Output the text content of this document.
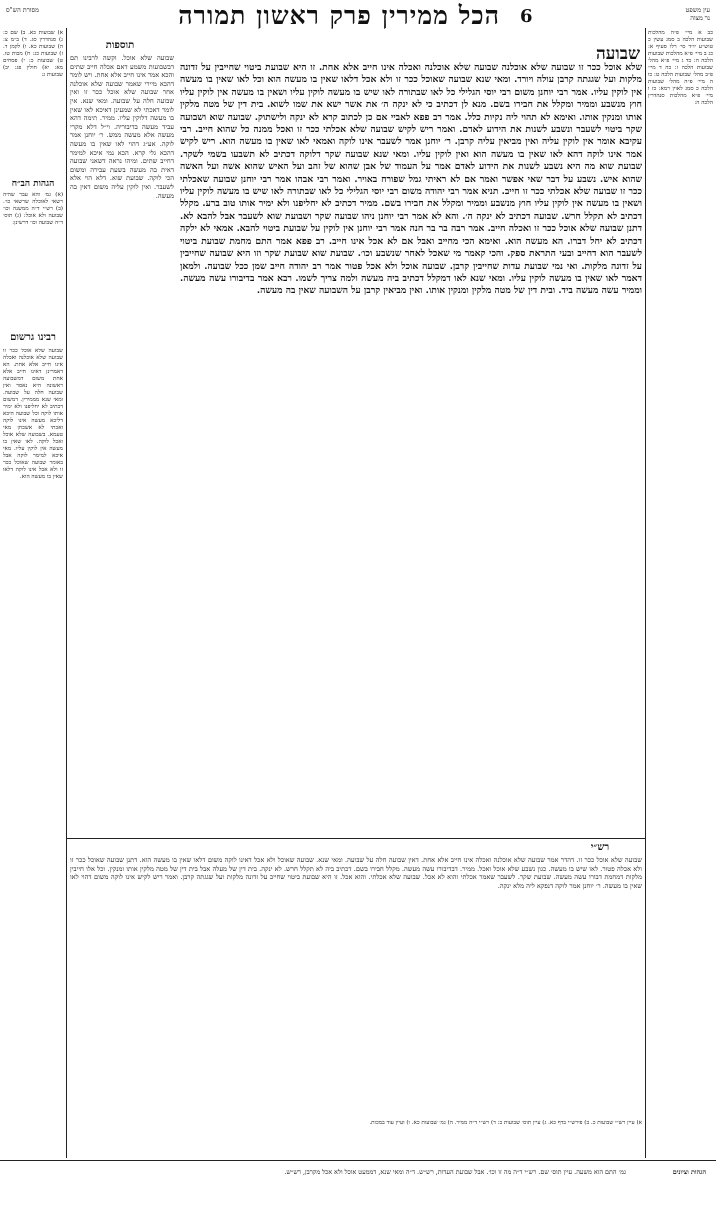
מסורת הש"ס	הכל ממירין פרק ראשון תמורה 6	עין משפט
נר מצוה
כב א מיי׳ פ״ה מהלכות שבועות הלכה ב סמג עשין כ טוש״ע יו״ד סי׳ רלו סעיף א: כג ב מיי׳ פ״א מהלכות שבועות הלכה ה: כד ג מיי׳ פ״א מהל׳ שבועות הלכה ז: כה ד מיי׳ פ״ב מהל׳ שבועות הלכה ט: כו ה מיי׳ פ״ה מהל׳ שבועות הלכה כ סמג לאוין רמא: כז ו מיי׳ פ״א מהלכות סנהדרין הלכה ה:
א) שבועות כא. ב) שם כ: ג) סנהדרין סג. ד) ב״מ צ: ה) שבועות כא. ו) לקמן ד. ז) שבועות כג: ח) מכות טז. ט) שבועות כ: י) פסחים מא: יא) חולין פג: יב) שבועות ג:
הגהות הב״ח
(א) גמ׳ והא עבר שהיה רשאי לאוכלה שרשאי כו׳. (ב) רש״י ד״ה ממשנה וכו׳ שבועה ולא אוכל: (ג) תוס׳ ד״ה שבועה וכו׳ דרשינן:
רבינו גרשום
שבועה שלא אוכל ככר זו שבועה שלא אוכלנה ואכלה אינו חייב אלא אחת. הא דאמרינן דאינו חייב אלא אחת משום דמשבועה ראשונה היא נאסר ואין שבועה חלה על שבועה. ומאי שנא מממירין. דמשום דכתיב לא יחליפנו ולא ימיר אותו לוקה וכל שבועה היכא דליכא מעשה אינו לוקה ואכתי לא אשכחן מאי טעמא. בשבועה שלא אוכל ואכל לוקה. לאו שאין בו מעשה אין לוקין עליו. מאי איכא למימר לוקה אבל באומר שבועה שאוכל ככר זו ולא אכל אינו לוקה דלאו שאין בו מעשה הוא.
שבועה
שלא אוכל ככר זו שבועה שלא אוכלנה שבועה שלא אוכלנה ואכלה אינו חייב אלא אחת. זו היא שבועת ביטוי שחייבין על זדונה מלקות ועל שגגתה קרבן עולה ויורד. ומאי שנא שבועה שאוכל ככר זו ולא אכל דלאו שאין בו מעשה הוא וכל לאו שאין בו מעשה אין לוקין עליו. אמר רבי יוחנן משום רבי יוסי הגלילי כל לאו שבתורה לאו שיש בו מעשה לוקין עליו ושאין בו מעשה אין לוקין עליו חוץ מנשבע וממיר ומקלל את חבירו בשם. מנא לן דכתיב כי לא ינקה ה׳ את אשר ישא את שמו לשוא. בית דין של מטה מלקין אותו ומנקין אותו. ואימא לא תהוי ליה נקיות כלל. אמר רב פפא לאביי אם כן לכתוב קרא לא ינקה ולישתוק. שבועה שוא ושבועה שקר ביטוי לשעבר ונשבע לשנות את הידוע לאדם. ואמר ריש לקיש שבועה שלא אכלתי ככר זו ואכל ממנה כל שהוא חייב. רבי עקיבא אומר אין לוקין עליה ואין מביאין עליה קרבן. ר׳ יוחנן אמר לשעבר אינו לוקה ואמאי לאו שאין בו מעשה הוא. ריש לקיש אמר אינו לוקה דהא לאו שאין בו מעשה הוא ואין לוקין עליו. ומאי שנא שבועה שקר דלוקה דכתיב לא תשבעו בשמי לשקר. שבועת שוא מה היא נשבע לשנות את הידוע לאדם אמר על העמוד של אבן שהוא של זהב ועל האיש שהוא אשה ועל האשה שהוא איש. נשבע על דבר שאי אפשר ואמר אם לא ראיתי גמל שפורח באויר. ואמר רבי אבהו אמר רבי יוחנן שבועה שאכלתי ככר זו שבועה שלא אכלתי ככר זו חייב. תניא אמר רבי יהודה משום רבי יוסי הגלילי כל לאו שבתורה לאו שיש בו מעשה לוקין עליו ושאין בו מעשה אין לוקין עליו חוץ מנשבע וממיר ומקלל את חבירו בשם. ממיר דכתיב לא יחליפנו ולא ימיר אותו טוב ברע. מקלל דכתיב לא תקלל חרש. שבועה דכתיב לא ינקה ה׳. והא לא אמר רבי יוחנן ניהו שבועה שקר ושבועת שוא לשעבר אבל להבא לא. דתנן שבועה שלא אוכל ככר זו ואכלה חייב. אמר רבה בר בר חנה אמר רבי יוחנן אין לוקין על שבועת ביטוי להבא. אמאי לא ילקה דכתיב לא יחל דברו. הא מעשה הוא. ואימא הכי מחייב ואבל אם לא אכל אינו חייב. רב פפא אמר התם מחמת שבועת ביטוי לשעבר הוא דחייב ובעי התראת ספק. והכי קאמר מי שאכל לאחר שנשבע וכו׳. שבועת שוא שבועת שקר וזו היא שבועה שחייבין על זדונה מלקות. ואי נמי שבועת עדות שחייבין קרבן. שבועה אוכל ולא אכל פטור אמר רב יהודה חייב שמן ככל שבועה. ולמאן דאמר לאו שאין בו מעשה לוקין עליו. ומאי שנא לאו דמקלל דכתיב ביה מעשה ולמה צריך לשמו. רבא אמר בדיבורו עשה מעשה. וממיר עשה מעשה ביד. ובית דין של מטה מלקין ומנקין אותו. ואין מביאין קרבן על השבועה שאין בה מעשה.
תוספות
שבועה שלא אוכל. וקשה לרבינו תם דבשבועות משמע דאם אכלה חייב שתים והכא אמר אינו חייב אלא אחת. ויש לומר דהכא מיירי שאמר שבועה שלא אוכלנה אחר שבועה שלא אוכל ככר זו ואין שבועה חלה על שבועה. ומאי שנא. אין לומר דאכתי לא שמעינן דאיכא לאו שאין בו מעשה דלוקין עליו. ממיר. תימה דהא עביד מעשה בדיבוריה. וי״ל דלא מקרי מעשה אלא מעשה ממש. ר׳ יוחנן אמר לוקה. אע״ג דהוי לאו שאין בו מעשה דהכא גלי קרא. הכא נמי איכא למימר דחייב שתים. ומיהו נראה דשאני שבועה דאית בה מעשה בשעת עבירה ומשום הכי לוקה. שבועת שוא. דלא הוי אלא לשעבר. ואין לוקין עליה משום דאין בה מעשה.
רש״י
שבועה שלא אוכל ככר זו. דהדר אמר שבועה שלא אוכלנה ואכלה אינו חייב אלא אחת. דאין שבועה חלה על שבועה. ומאי שנא. שבועה שאוכל ולא אכל דאינו לוקה משום דלאו שאין בו מעשה הוא. דתנן שבועה שאוכל ככר זו ולא אכלה פטור. לאו שיש בו מעשה. כגון נשבע שלא אוכל ואכל. ממיר. דבדיבורו עשה מעשה. מקלל חבירו בשם. דכתיב ביה לא תקלל חרש. לא ינקה. בית דין של מעלה אבל בית דין של מטה מלקין אותו ומנקין. וכל אלו חייבין מלקות דמחמת דבורו עשה מעשה. שבועת שקר. לשעבר שאמר אכלתי והוא לא אכל. שבועה שלא אכלתי. והוא אכל. זו היא שבועת ביטוי שחייב על זדונה מלקות ועל שגגתה קרבן. ואמר ריש לקיש אינו לוקה משום דהוי לאו שאין בו מעשה. ר׳ יוחנן אמר לוקה דנפקא ליה מלא ינקה.
א) עיין רש״י שבועות כ. ב) פירש״י בדף כא. ג) עיין תוס׳ שבועות כ: ד) רש״י ד״ה ממיר. ה) גמ׳ שבועות כא. ו) ועיין עוד במכות.
הגהות וציונים
גמ׳ התם הוא משעה. עיין תוס׳ שם. רש״י ד״ה מה זו וכו׳. אבל שבועת העדות, רש״ש. ד״ה ומאי שנא, דממעט אוכל ולא אכל מקרבן, רש״ש.
